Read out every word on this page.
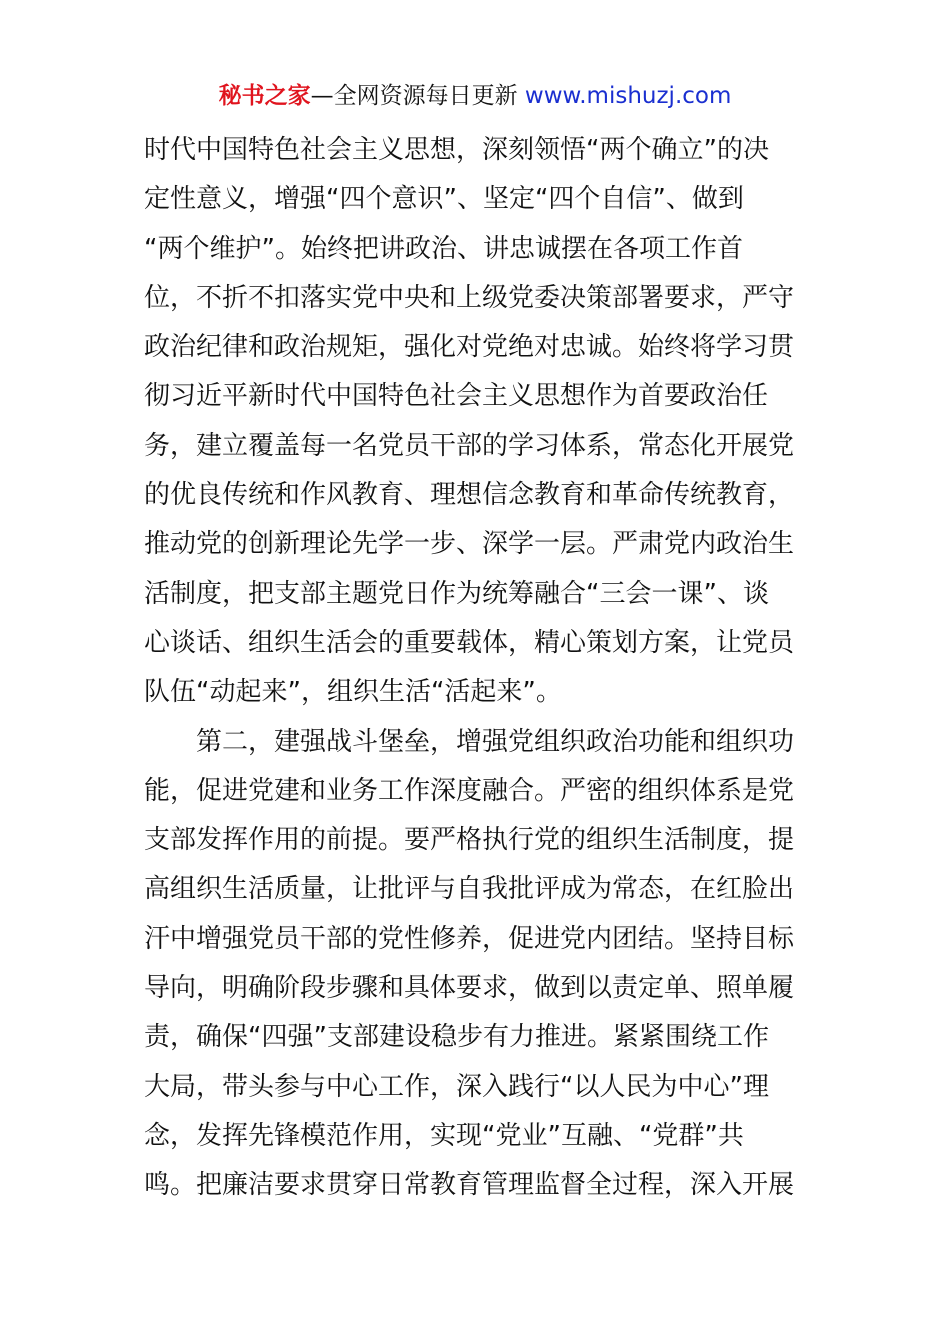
秘书之家—全网资源每日更新 www.mishuzj.com
时代中国特色社会主义思想，深刻领悟“两个确立”的决
定性意义，增强“四个意识”、坚定“四个自信”、做到
“两个维护”。始终把讲政治、讲忠诚摆在各项工作首
位，不折不扣落实党中央和上级党委决策部署要求，严守
政治纪律和政治规矩，强化对党绝对忠诚。始终将学习贯
彻习近平新时代中国特色社会主义思想作为首要政治任
务，建立覆盖每一名党员干部的学习体系，常态化开展党
的优良传统和作风教育、理想信念教育和革命传统教育，
推动党的创新理论先学一步、深学一层。严肃党内政治生
活制度，把支部主题党日作为统筹融合“三会一课”、谈
心谈话、组织生活会的重要载体，精心策划方案，让党员
队伍“动起来”，组织生活“活起来”。
第二，建强战斗堡垒，增强党组织政治功能和组织功
能，促进党建和业务工作深度融合。严密的组织体系是党
支部发挥作用的前提。要严格执行党的组织生活制度，提
高组织生活质量，让批评与自我批评成为常态，在红脸出
汗中增强党员干部的党性修养，促进党内团结。坚持目标
导向，明确阶段步骤和具体要求，做到以责定单、照单履
责，确保“四强”支部建设稳步有力推进。紧紧围绕工作
大局，带头参与中心工作，深入践行“以人民为中心”理
念，发挥先锋模范作用，实现“党业”互融、“党群”共
鸣。把廉洁要求贯穿日常教育管理监督全过程，深入开展
